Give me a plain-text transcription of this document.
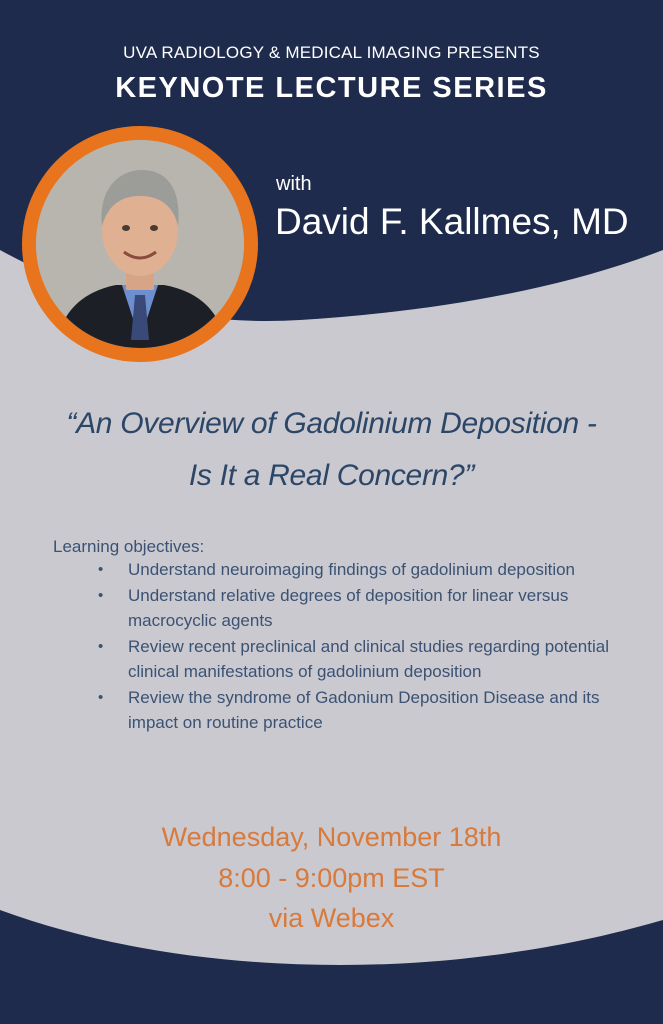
UVA RADIOLOGY & MEDICAL IMAGING PRESENTS
KEYNOTE LECTURE SERIES
with
David F. Kallmes, MD
“An Overview of Gadolinium Deposition -
Is It a Real Concern?”
Learning objectives:
• Understand neuroimaging findings of gadolinium deposition
• Understand relative degrees of deposition for linear versus macrocyclic agents
• Review recent preclinical and clinical studies regarding potential clinical manifestations of gadolinium deposition
• Review the syndrome of Gadonium Deposition Disease and its impact on routine practice
Wednesday, November 18th
8:00 - 9:00pm EST
via Webex
